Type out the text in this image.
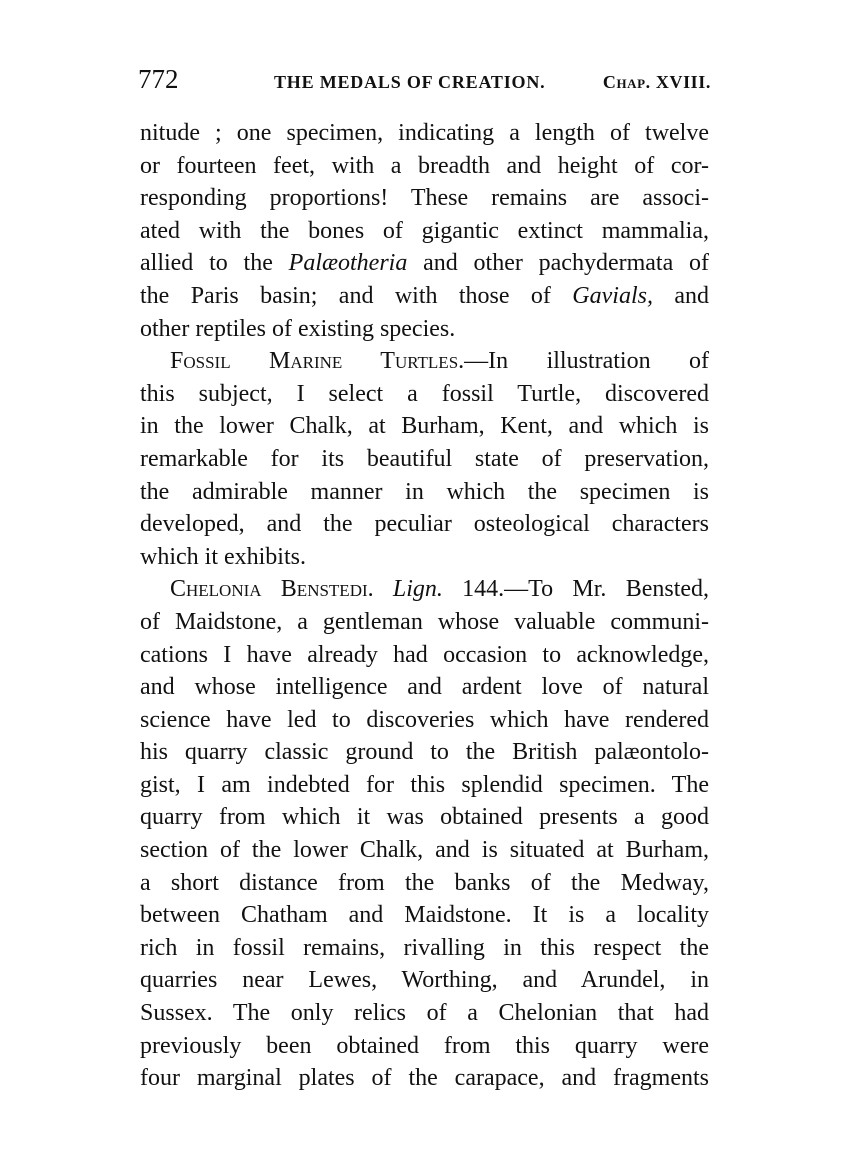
772	THE MEDALS OF CREATION.	Chap. XVIII.
nitude ; one specimen, indicating a length of twelve
or fourteen feet, with a breadth and height of cor-
responding proportions! These remains are associ-
ated with the bones of gigantic extinct mammalia,
allied to the Palæotheria and other pachydermata of
the Paris basin; and with those of Gavials, and
other reptiles of existing species.
Fossil Marine Turtles.—In illustration of
this subject, I select a fossil Turtle, discovered
in the lower Chalk, at Burham, Kent, and which is
remarkable for its beautiful state of preservation,
the admirable manner in which the specimen is
developed, and the peculiar osteological characters
which it exhibits.
Chelonia Benstedi. Lign. 144.—To Mr. Bensted,
of Maidstone, a gentleman whose valuable communi-
cations I have already had occasion to acknowledge,
and whose intelligence and ardent love of natural
science have led to discoveries which have rendered
his quarry classic ground to the British palæontolo-
gist, I am indebted for this splendid specimen. The
quarry from which it was obtained presents a good
section of the lower Chalk, and is situated at Burham,
a short distance from the banks of the Medway,
between Chatham and Maidstone. It is a locality
rich in fossil remains, rivalling in this respect the
quarries near Lewes, Worthing, and Arundel, in
Sussex. The only relics of a Chelonian that had
previously been obtained from this quarry were
four marginal plates of the carapace, and fragments
